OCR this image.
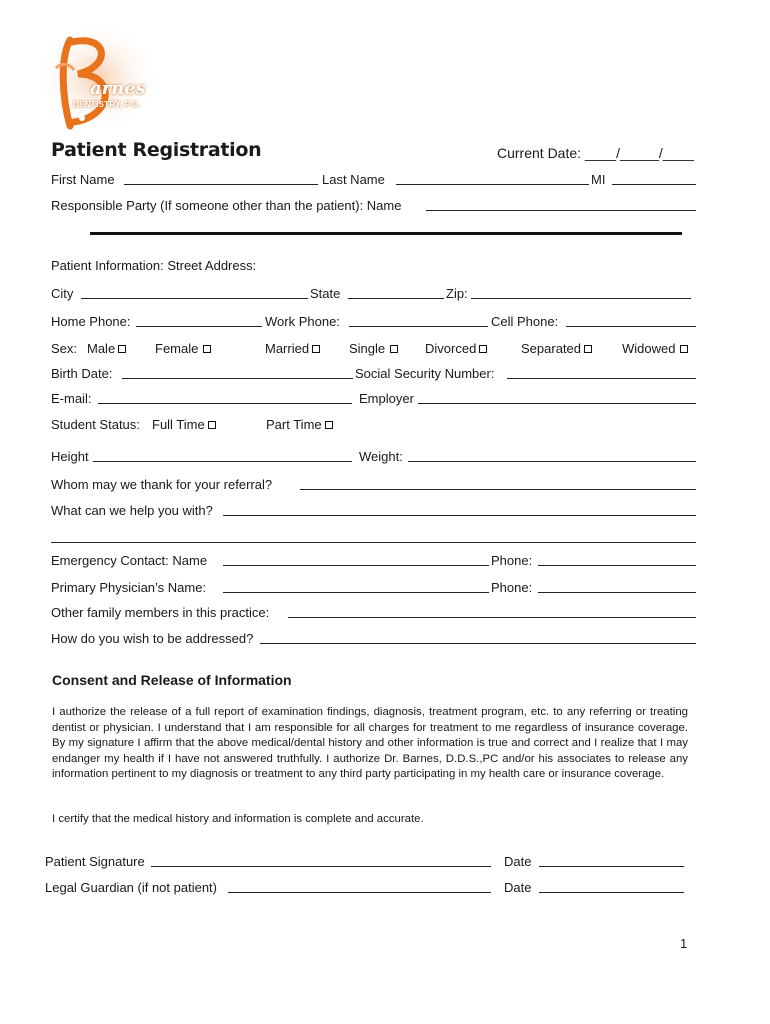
arnes
DENTISTRY, P.C.
Patient Registration	Current Date: ____/_____/____
First Name	Last Name	MI
Responsible Party (If someone other than the patient): Name
Patient Information: Street Address:
City	State	Zip:
Home Phone:	Work Phone:	Cell Phone:
Sex: Male	Female	Married	Single	Divorced	Separated	Widowed
Birth Date:	Social Security Number:
E-mail:	Employer
Student Status: Full Time	Part Time
Height	Weight:
Whom may we thank for your referral?
What can we help you with?
Emergency Contact: Name	Phone:
Primary Physician’s Name:	Phone:
Other family members in this practice:
How do you wish to be addressed?
Consent and Release of Information
I authorize the release of a full report of examination findings, diagnosis, treatment program, etc. to any referring or treating dentist or physician. I understand that I am responsible for all charges for treatment to me regardless of insurance coverage. By my signature I affirm that the above medical/dental history and other information is true and correct and I realize that I may endanger my health if I have not answered truthfully. I authorize Dr. Barnes, D.D.S.,PC and/or his associates to release any information pertinent to my diagnosis or treatment to any third party participating in my health care or insurance coverage.
I certify that the medical history and information is complete and accurate.
Patient Signature	Date
Legal Guardian (if not patient)	Date
1
